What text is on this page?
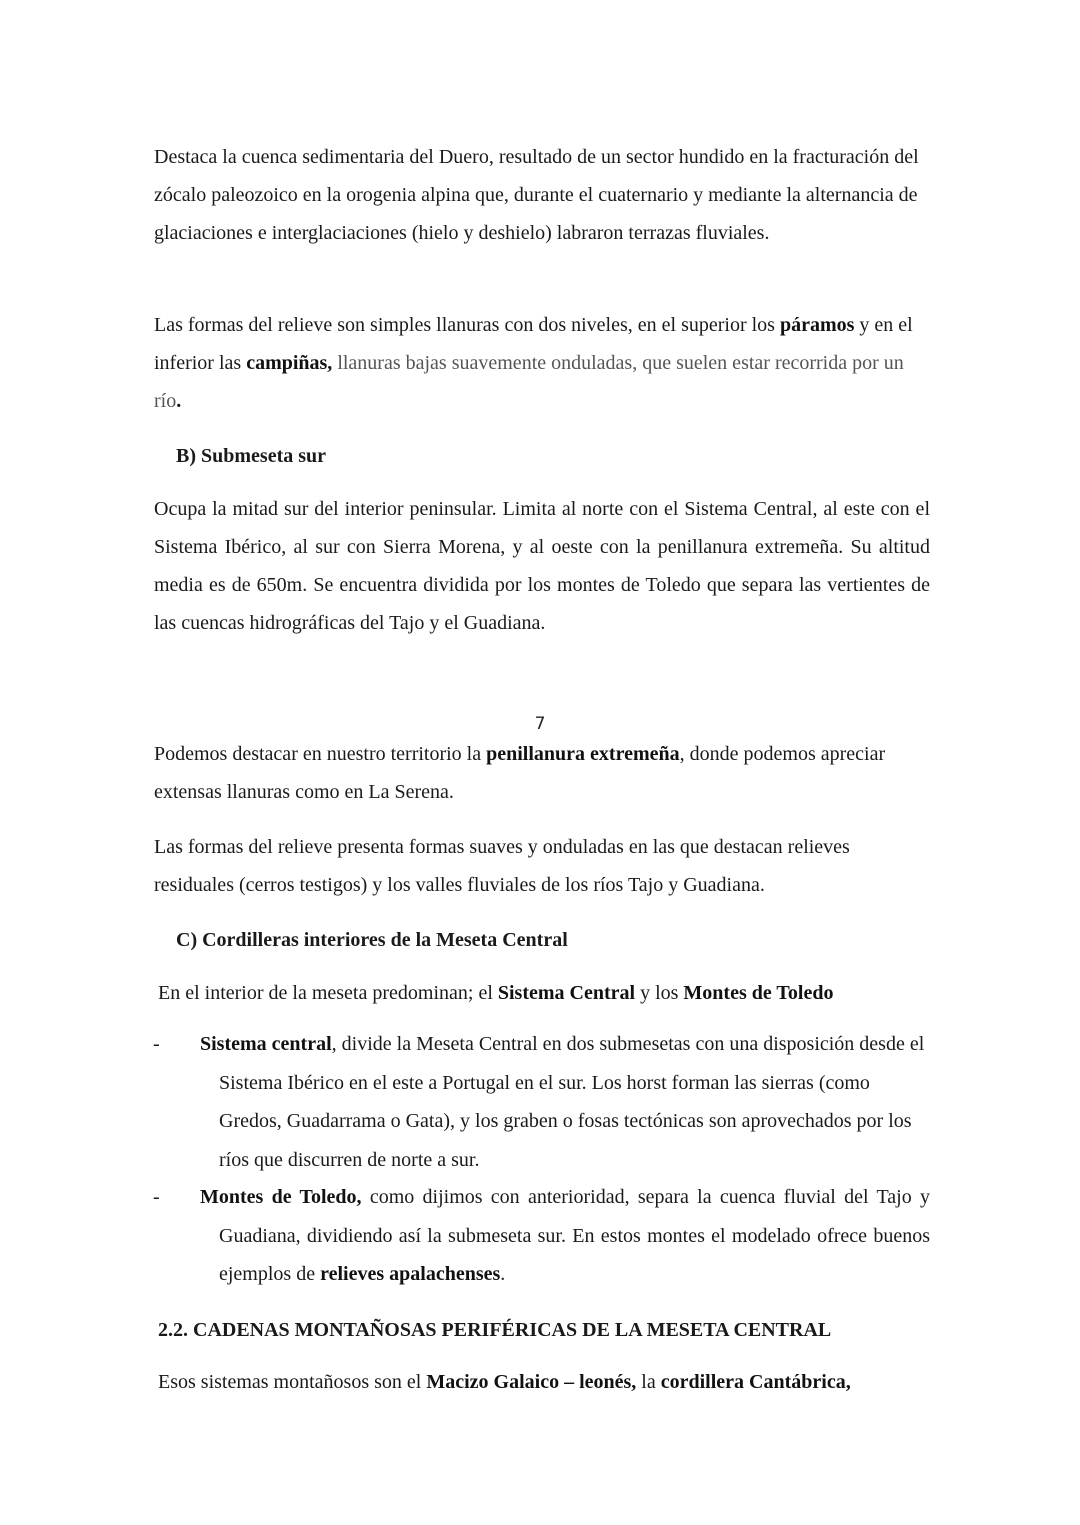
Destaca la cuenca sedimentaria del Duero, resultado de un sector hundido en la fracturación del zócalo paleozoico en la orogenia alpina que, durante el cuaternario y mediante la alternancia de glaciaciones e interglaciaciones (hielo y deshielo) labraron terrazas fluviales.

Las formas del relieve son simples llanuras con dos niveles, en el superior los páramos y en el inferior las campiñas, llanuras bajas suavemente onduladas, que suelen estar recorrida por un río.

B) Submeseta sur

Ocupa la mitad sur del interior peninsular. Limita al norte con el Sistema Central, al este con el Sistema Ibérico, al sur con Sierra Morena, y al oeste con la penillanura extremeña. Su altitud media es de 650m. Se encuentra dividida por los montes de Toledo que separa las vertientes de las cuencas hidrográficas del Tajo y el Guadiana.

7

Podemos destacar en nuestro territorio la penillanura extremeña, donde podemos apreciar extensas llanuras como en La Serena.

Las formas del relieve presenta formas suaves y onduladas en las que destacan relieves residuales (cerros testigos) y los valles fluviales de los ríos Tajo y Guadiana.

C) Cordilleras interiores de la Meseta Central

En el interior de la meseta predominan; el Sistema Central y los Montes de Toledo

- Sistema central, divide la Meseta Central en dos submesetas con una disposición desde el Sistema Ibérico en el este a Portugal en el sur. Los horst forman las sierras (como Gredos, Guadarrama o Gata), y los graben o fosas tectónicas son aprovechados por los ríos que discurren de norte a sur.
- Montes de Toledo, como dijimos con anterioridad, separa la cuenca fluvial del Tajo y Guadiana, dividiendo así la submeseta sur. En estos montes el modelado ofrece buenos ejemplos de relieves apalachenses.

2.2. CADENAS MONTAÑOSAS PERIFÉRICAS DE LA MESETA CENTRAL

Esos sistemas montañosos son el Macizo Galaico – leonés, la cordillera Cantábrica,
